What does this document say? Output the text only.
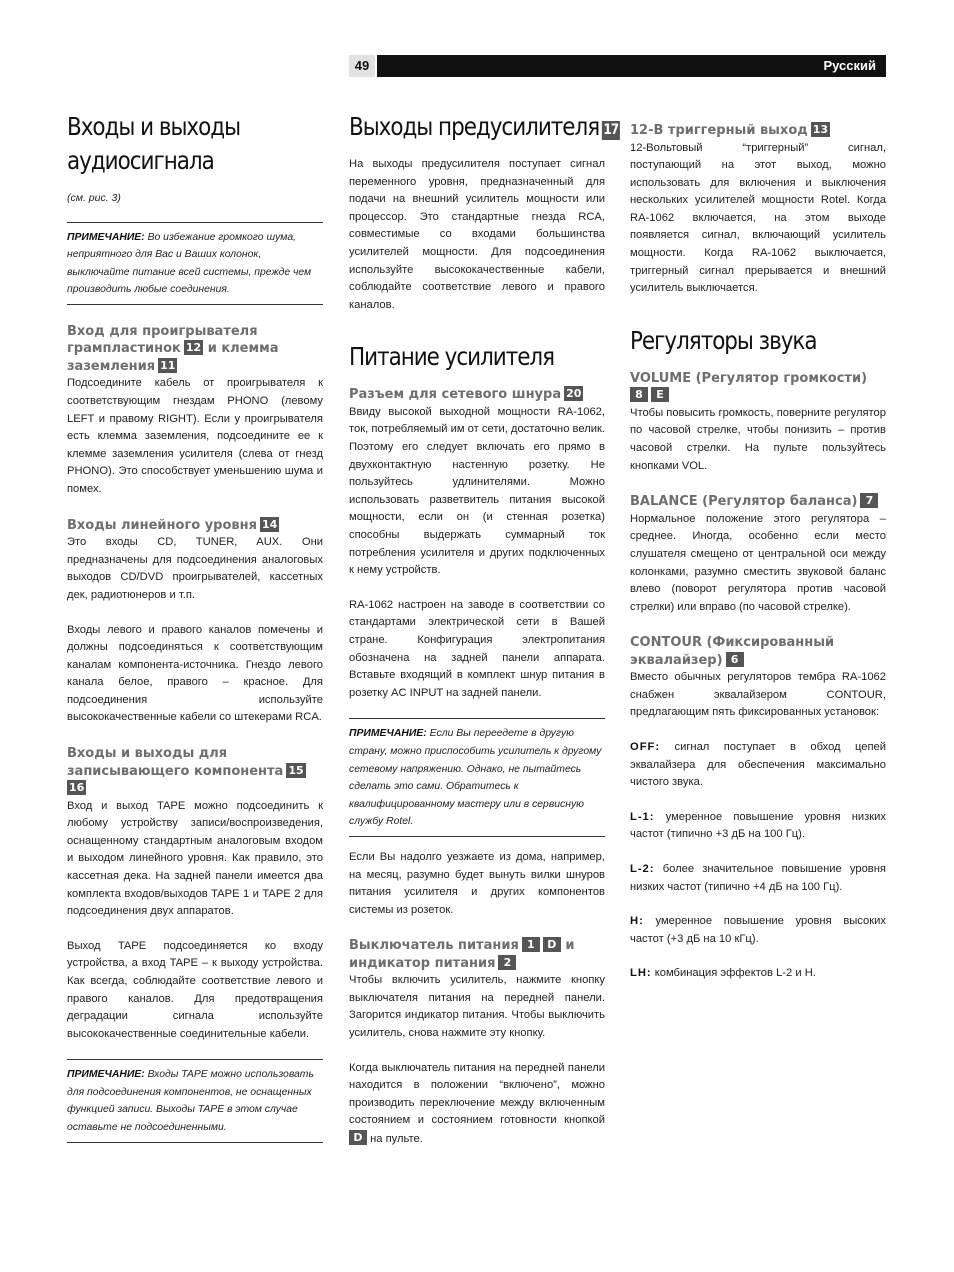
49	Русский
Входы и выходы аудиосигнала

(см. рис. 3)

ПРИМЕЧАНИЕ: Во избежание громкого шума, неприятного для Вас и Ваших колонок, выключайте питание всей системы, прежде чем производить любые соединения.
Вход для проигрывателя грампластинок 12 и клемма заземления 11

Подсоедините кабель от проигрывателя к соответствующим гнездам PHONO (левому LEFT и правому RIGHT). Если у проигрывателя есть клемма заземления, подсоедините ее к клемме заземления усилителя (слева от гнезд PHONO). Это способствует уменьшению шума и помех.

Входы линейного уровня 14

Это входы CD, TUNER, AUX. Они предназначены для подсоединения аналоговых выходов CD/DVD проигрывателей, кассетных дек, радиотюнеров и т.п.

Входы левого и правого каналов помечены и должны подсоединяться к соответствующим каналам компонента-источника. Гнездо левого канала белое, правого – красное. Для подсоединения используйте высококачественные кабели со штекерами RCA.

Входы и выходы для записывающего компонента 15 16

Вход и выход TAPE можно подсоединить к любому устройству записи/воспроизведения, оснащенному стандартным аналоговым входом и выходом линейного уровня. Как правило, это кассетная дека. На задней панели имеется два комплекта входов/выходов TAPE 1 и TAPE 2 для подсоединения двух аппаратов.

Выход TAPE подсоединяется ко входу устройства, а вход TAPE – к выходу устройства. Как всегда, соблюдайте соответствие левого и правого каналов. Для предотвращения деградации сигнала используйте высококачественные соединительные кабели.

ПРИМЕЧАНИЕ: Входы TAPE можно использовать для подсоединения компонентов, не оснащенных функцией записи. Выходы TAPE в этом случае оставьте не подсоединенными.
Выходы предусилителя 17

На выходы предусилителя поступает сигнал переменного уровня, предназначенный для подачи на внешний усилитель мощности или процессор. Это стандартные гнезда RCA, совместимые со входами большинства усилителей мощности. Для подсоединения используйте высококачественные кабели, соблюдайте соответствие левого и правого каналов.

Питание усилителя
Разъем для сетевого шнура 20

Ввиду высокой выходной мощности RA-1062, ток, потребляемый им от сети, достаточно велик. Поэтому его следует включать его прямо в двухконтактную настенную розетку. Не пользуйтесь удлинителями. Можно использовать разветвитель питания высокой мощности, если он (и стенная розетка) способны выдержать суммарный ток потребления усилителя и других подключенных к нему устройств.

RA-1062 настроен на заводе в соответствии со стандартами электрической сети в Вашей стране. Конфигурация электропитания обозначена на задней панели аппарата. Вставьте входящий в комплект шнур питания в розетку AC INPUT на задней панели.

ПРИМЕЧАНИЕ: Если Вы переедете в другую страну, можно приспособить усилитель к другому сетевому напряжению. Однако, не пытайтесь сделать это сами. Обратитесь к квалифицированному мастеру или в сервисную службу Rotel.

Если Вы надолго уезжаете из дома, например, на месяц, разумно будет вынуть вилки шнуров питания усилителя и других компонентов системы из розеток.

Выключатель питания 1 D и индикатор питания 2

Чтобы включить усилитель, нажмите кнопку выключателя питания на передней панели. Загорится индикатор питания. Чтобы выключить усилитель, снова нажмите эту кнопку.

Когда выключатель питания на передней панели находится в положении “включено”, можно производить переключение между включенным состоянием и состоянием готовности кнопкой D на пульте.

12-В триггерный выход 13

12-Вольтовый “триггерный” сигнал, поступающий на этот выход, можно использовать для включения и выключения нескольких усилителей мощности Rotel. Когда RA-1062 включается, на этом выходе появляется сигнал, включающий усилитель мощности. Когда RA-1062 выключается, триггерный сигнал прерывается и внешний усилитель выключается.

Регуляторы звука
VOLUME (Регулятор громкости)
8 E

Чтобы повысить громкость, поверните регулятор по часовой стрелке, чтобы понизить – против часовой стрелки. На пульте пользуйтесь кнопками VOL.

BALANCE (Регулятор баланса) 7

Нормальное положение этого регулятора – среднее. Иногда, особенно если место слушателя смещено от центральной оси между колонками, разумно сместить звуковой баланс влево (поворот регулятора против часовой стрелки) или вправо (по часовой стрелке).

CONTOUR (Фиксированный эквалайзер) 6

Вместо обычных регуляторов тембра RA-1062 снабжен эквалайзером CONTOUR, предлагающим пять фиксированных установок:

OFF: сигнал поступает в обход цепей эквалайзера для обеспечения максимально чистого звука.

L-1: умеренное повышение уровня низких частот (типично +3 дБ на 100 Гц).

L-2: более значительное повышение уровня низких частот (типично +4 дБ на 100 Гц).

H: умеренное повышение уровня высоких частот (+3 дБ на 10 кГц).

LH: комбинация эффектов L-2 и H.
